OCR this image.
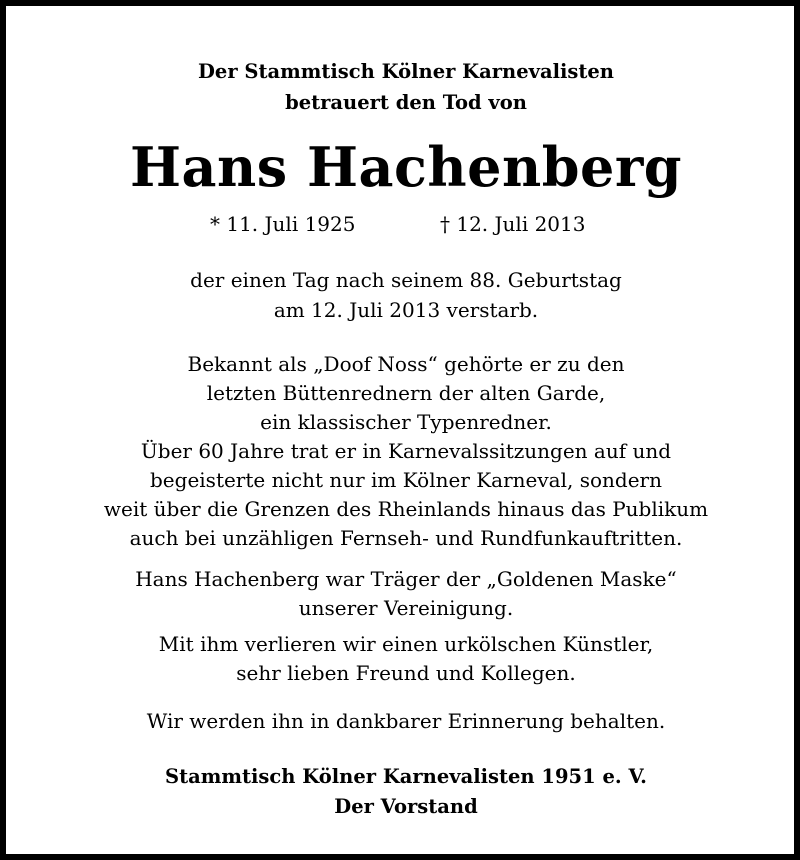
Der Stammtisch Kölner Karnevalisten
betrauert den Tod von
Hans Hachenberg
* 11. Juli 1925	† 12. Juli 2013
der einen Tag nach seinem 88. Geburtstag
am 12. Juli 2013 verstarb.
Bekannt als „Doof Noss“ gehörte er zu den
letzten Büttenrednern der alten Garde,
ein klassischer Typenredner.
Über 60 Jahre trat er in Karnevalssitzungen auf und
begeisterte nicht nur im Kölner Karneval, sondern
weit über die Grenzen des Rheinlands hinaus das Publikum
auch bei unzähligen Fernseh- und Rundfunkauftritten.
Hans Hachenberg war Träger der „Goldenen Maske“
unserer Vereinigung.
Mit ihm verlieren wir einen urkölschen Künstler,
sehr lieben Freund und Kollegen.
Wir werden ihn in dankbarer Erinnerung behalten.
Stammtisch Kölner Karnevalisten 1951 e. V.
Der Vorstand
